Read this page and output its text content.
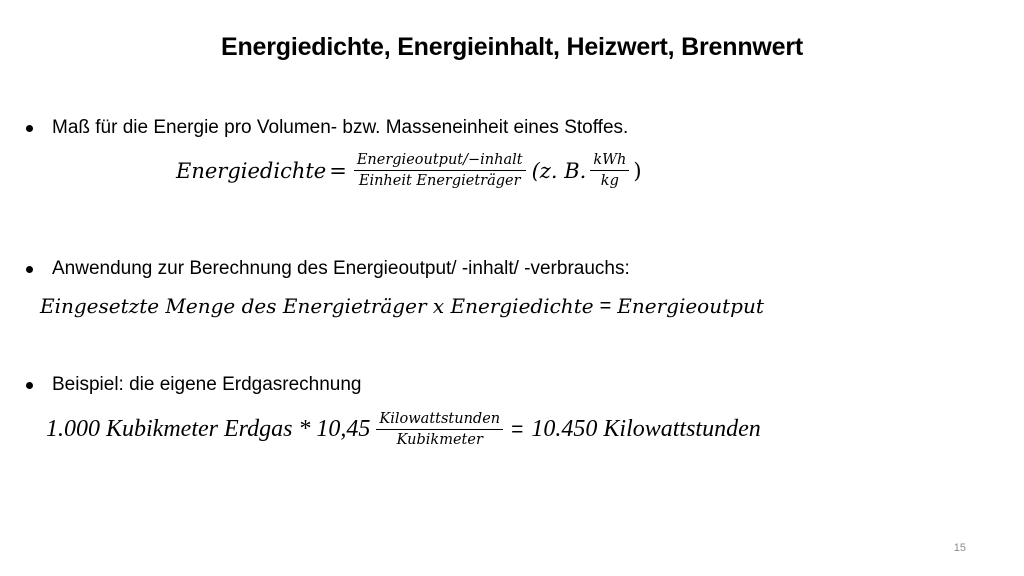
Energiedichte, Energieinhalt, Heizwert, Brennwert
Maß für die Energie pro Volumen- bzw. Masseneinheit eines Stoffes.
Energiedichte = $\frac{\text{Energieoutput/−inhalt}}{\text{Einheit Energieträger}} (z$. B. $\frac{\text{kWh}}{kg}$ )
Anwendung zur Berechnung des Energieoutput/ -inhalt/ -verbrauchs:
Eingesetzte Menge des Energieträger x Energiedichte = Energieoutput
Beispiel: die eigene Erdgasrechnung
1.000 Kubikmeter Erdgas * $10,45 \frac{\text{Kilowattstunden}}{\text{Kubikmeter}} = 10.450$ Kilowattstunden
15
